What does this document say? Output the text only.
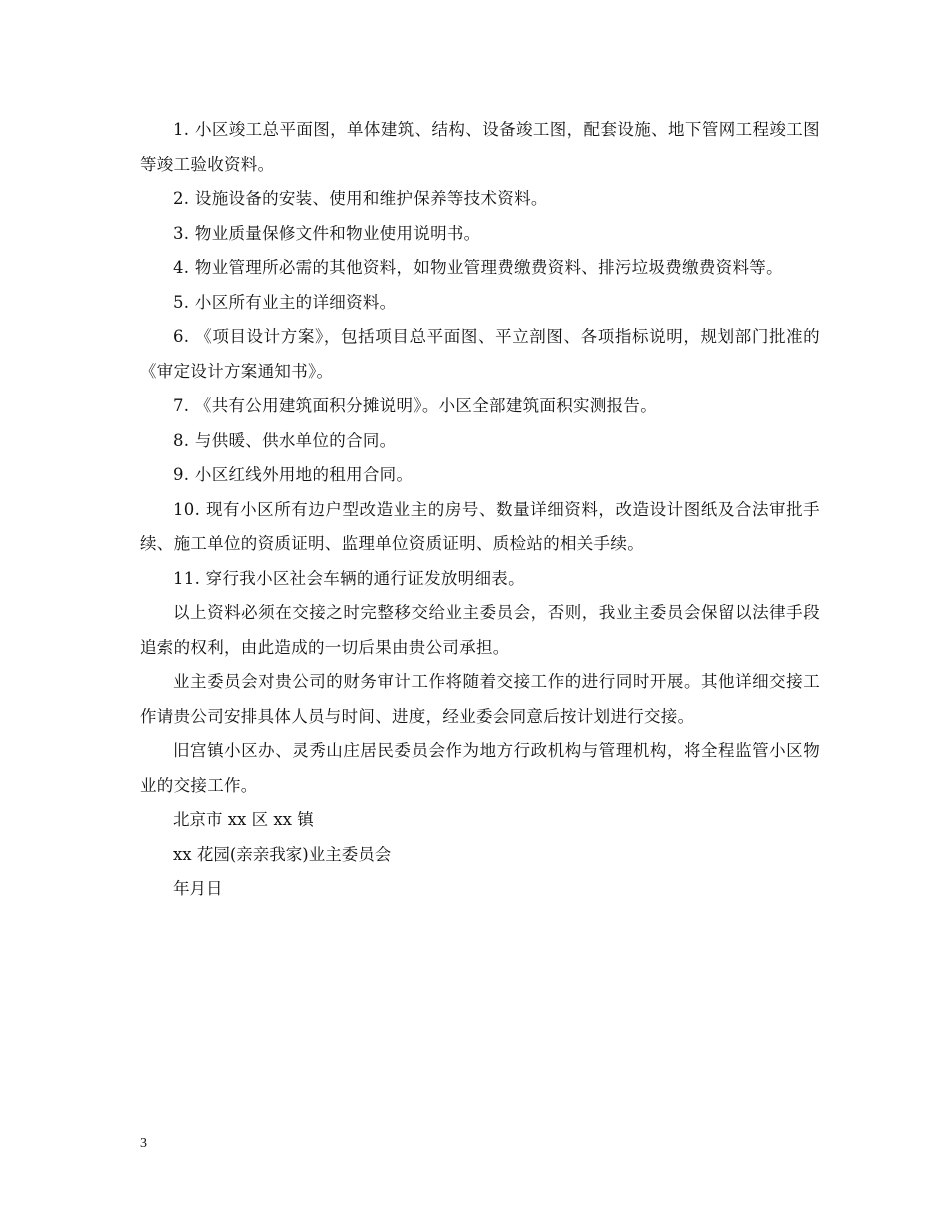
1. 小区竣工总平面图，单体建筑、结构、设备竣工图，配套设施、地下管网工程竣工图等竣工验收资料。

2. 设施设备的安装、使用和维护保养等技术资料。

3. 物业质量保修文件和物业使用说明书。

4. 物业管理所必需的其他资料，如物业管理费缴费资料、排污垃圾费缴费资料等。

5. 小区所有业主的详细资料。

6. 《项目设计方案》，包括项目总平面图、平立剖图、各项指标说明，规划部门批准的《审定设计方案通知书》。

7. 《共有公用建筑面积分摊说明》。小区全部建筑面积实测报告。

8. 与供暖、供水单位的合同。

9. 小区红线外用地的租用合同。

10. 现有小区所有边户型改造业主的房号、数量详细资料，改造设计图纸及合法审批手续、施工单位的资质证明、监理单位资质证明、质检站的相关手续。

11. 穿行我小区社会车辆的通行证发放明细表。

以上资料必须在交接之时完整移交给业主委员会，否则，我业主委员会保留以法律手段追索的权利，由此造成的一切后果由贵公司承担。

业主委员会对贵公司的财务审计工作将随着交接工作的进行同时开展。其他详细交接工作请贵公司安排具体人员与时间、进度，经业委会同意后按计划进行交接。

旧宫镇小区办、灵秀山庄居民委员会作为地方行政机构与管理机构，将全程监管小区物业的交接工作。

北京市 xx 区 xx 镇

xx 花园(亲亲我家)业主委员会

年月日

3
